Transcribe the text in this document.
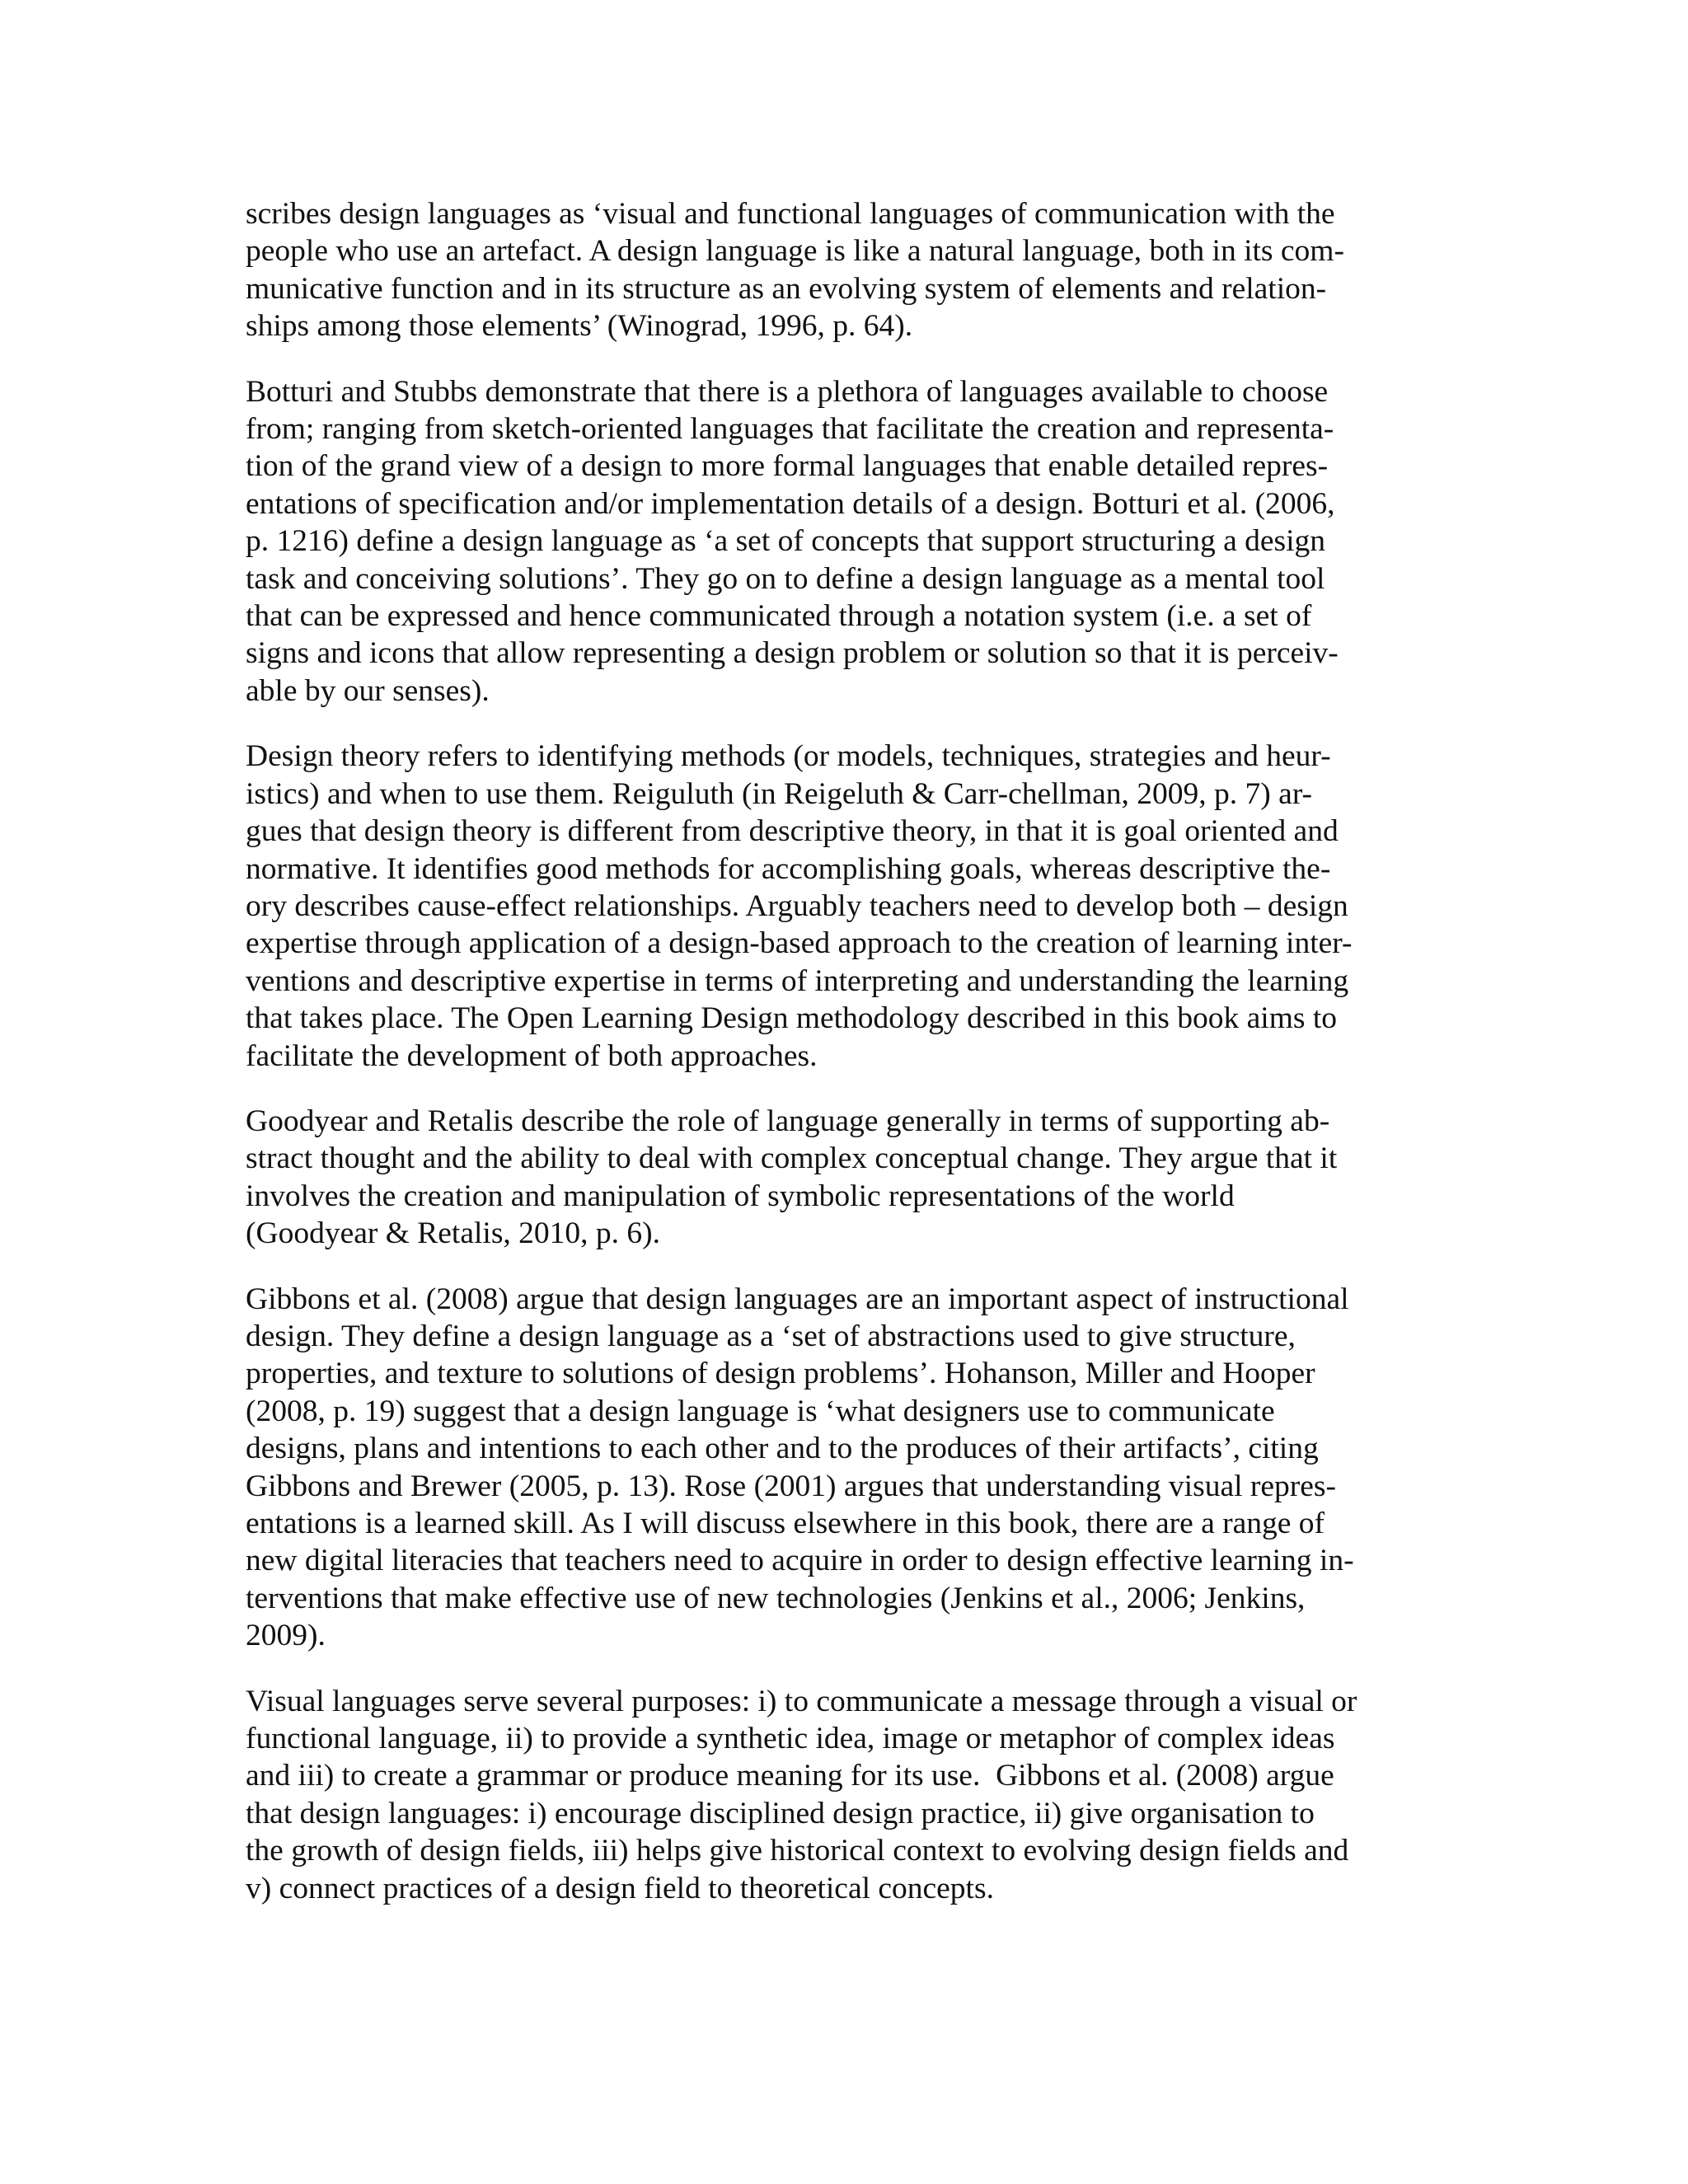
scribes design languages as ‘visual and functional languages of communication with the
people who use an artefact. A design language is like a natural language, both in its com-
municative function and in its structure as an evolving system of elements and relation-
ships among those elements’ (Winograd, 1996, p. 64).
Botturi and Stubbs demonstrate that there is a plethora of languages available to choose
from; ranging from sketch-oriented languages that facilitate the creation and representa-
tion of the grand view of a design to more formal languages that enable detailed repres-
entations of specification and/or implementation details of a design. Botturi et al. (2006,
p. 1216) define a design language as ‘a set of concepts that support structuring a design
task and conceiving solutions’. They go on to define a design language as a mental tool
that can be expressed and hence communicated through a notation system (i.e. a set of
signs and icons that allow representing a design problem or solution so that it is perceiv-
able by our senses).
Design theory refers to identifying methods (or models, techniques, strategies and heur-
istics) and when to use them. Reiguluth (in Reigeluth & Carr-chellman, 2009, p. 7) ar-
gues that design theory is different from descriptive theory, in that it is goal oriented and
normative. It identifies good methods for accomplishing goals, whereas descriptive the-
ory describes cause-effect relationships. Arguably teachers need to develop both – design
expertise through application of a design-based approach to the creation of learning inter-
ventions and descriptive expertise in terms of interpreting and understanding the learning
that takes place. The Open Learning Design methodology described in this book aims to
facilitate the development of both approaches.
Goodyear and Retalis describe the role of language generally in terms of supporting ab-
stract thought and the ability to deal with complex conceptual change. They argue that it
involves the creation and manipulation of symbolic representations of the world
(Goodyear & Retalis, 2010, p. 6).
Gibbons et al. (2008) argue that design languages are an important aspect of instructional
design. They define a design language as a ‘set of abstractions used to give structure,
properties, and texture to solutions of design problems’. Hohanson, Miller and Hooper
(2008, p. 19) suggest that a design language is ‘what designers use to communicate
designs, plans and intentions to each other and to the produces of their artifacts’, citing
Gibbons and Brewer (2005, p. 13). Rose (2001) argues that understanding visual repres-
entations is a learned skill. As I will discuss elsewhere in this book, there are a range of
new digital literacies that teachers need to acquire in order to design effective learning in-
terventions that make effective use of new technologies (Jenkins et al., 2006; Jenkins,
2009).
Visual languages serve several purposes: i) to communicate a message through a visual or
functional language, ii) to provide a synthetic idea, image or metaphor of complex ideas
and iii) to create a grammar or produce meaning for its use.  Gibbons et al. (2008) argue
that design languages: i) encourage disciplined design practice, ii) give organisation to
the growth of design fields, iii) helps give historical context to evolving design fields and
v) connect practices of a design field to theoretical concepts.
